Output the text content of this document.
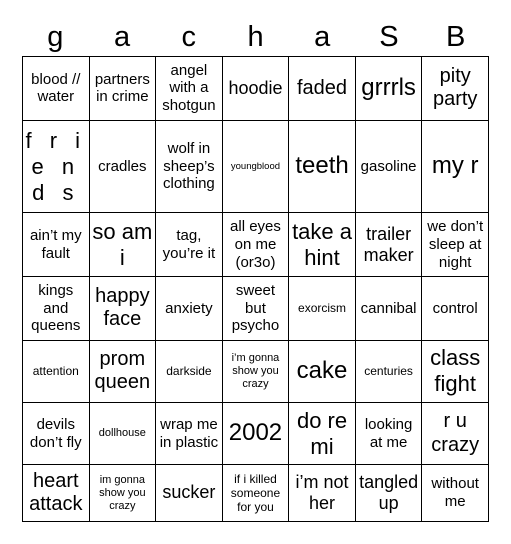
g	a	c	h	a	S	B
blood // water	partners in crime	angel with a shotgun	hoodie	faded	grrrls	pity party
f r i e n d s	cradles	wolf in sheep’s clothing	youngblood	teeth	gasoline	my r
ain’t my fault	so am i	tag, you’re it	all eyes on me (or3o)	take a hint	trailer maker	we don’t sleep at night
kings and queens	happy face	anxiety	sweet but psycho	exorcism	cannibal	control
attention	prom queen	darkside	i’m gonna show you crazy	cake	centuries	class fight
devils don’t fly	dollhouse	wrap me in plastic	2002	do re mi	looking at me	r u crazy
heart attack	im gonna show you crazy	sucker	if i killed someone for you	i’m not her	tangled up	without me
